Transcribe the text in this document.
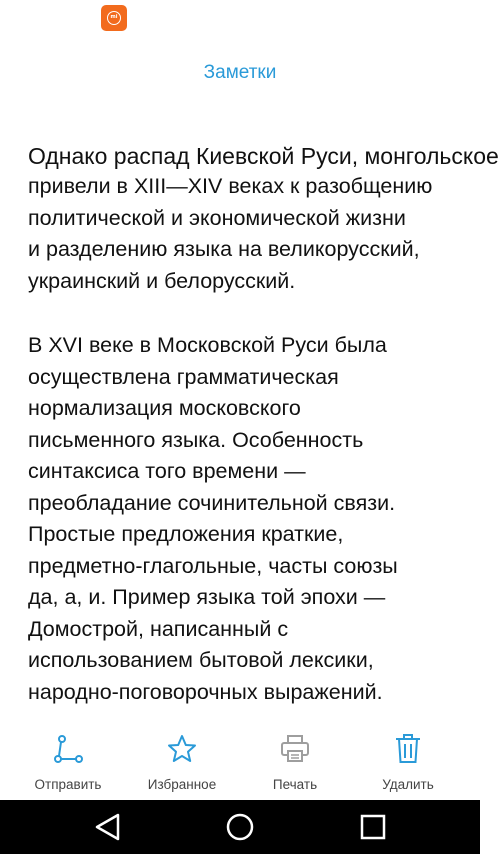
mi
Заметки
Однако распад Киевской Руси, монгольское
привели в XIII—XIV веках к разобщению
политической и экономической жизни
и разделению языка на великорусский,
украинский и белорусский.
В XVI веке в Московской Руси была
осуществлена грамматическая
нормализация московского
письменного языка. Особенность
синтаксиса того времени —
преобладание сочинительной связи.
Простые предложения краткие,
предметно-глагольные, часты союзы
да, а, и. Пример языка той эпохи —
Домострой, написанный с
использованием бытовой лексики,
народно-поговорочных выражений.
Отправить	Избранное	Печать	Удалить
